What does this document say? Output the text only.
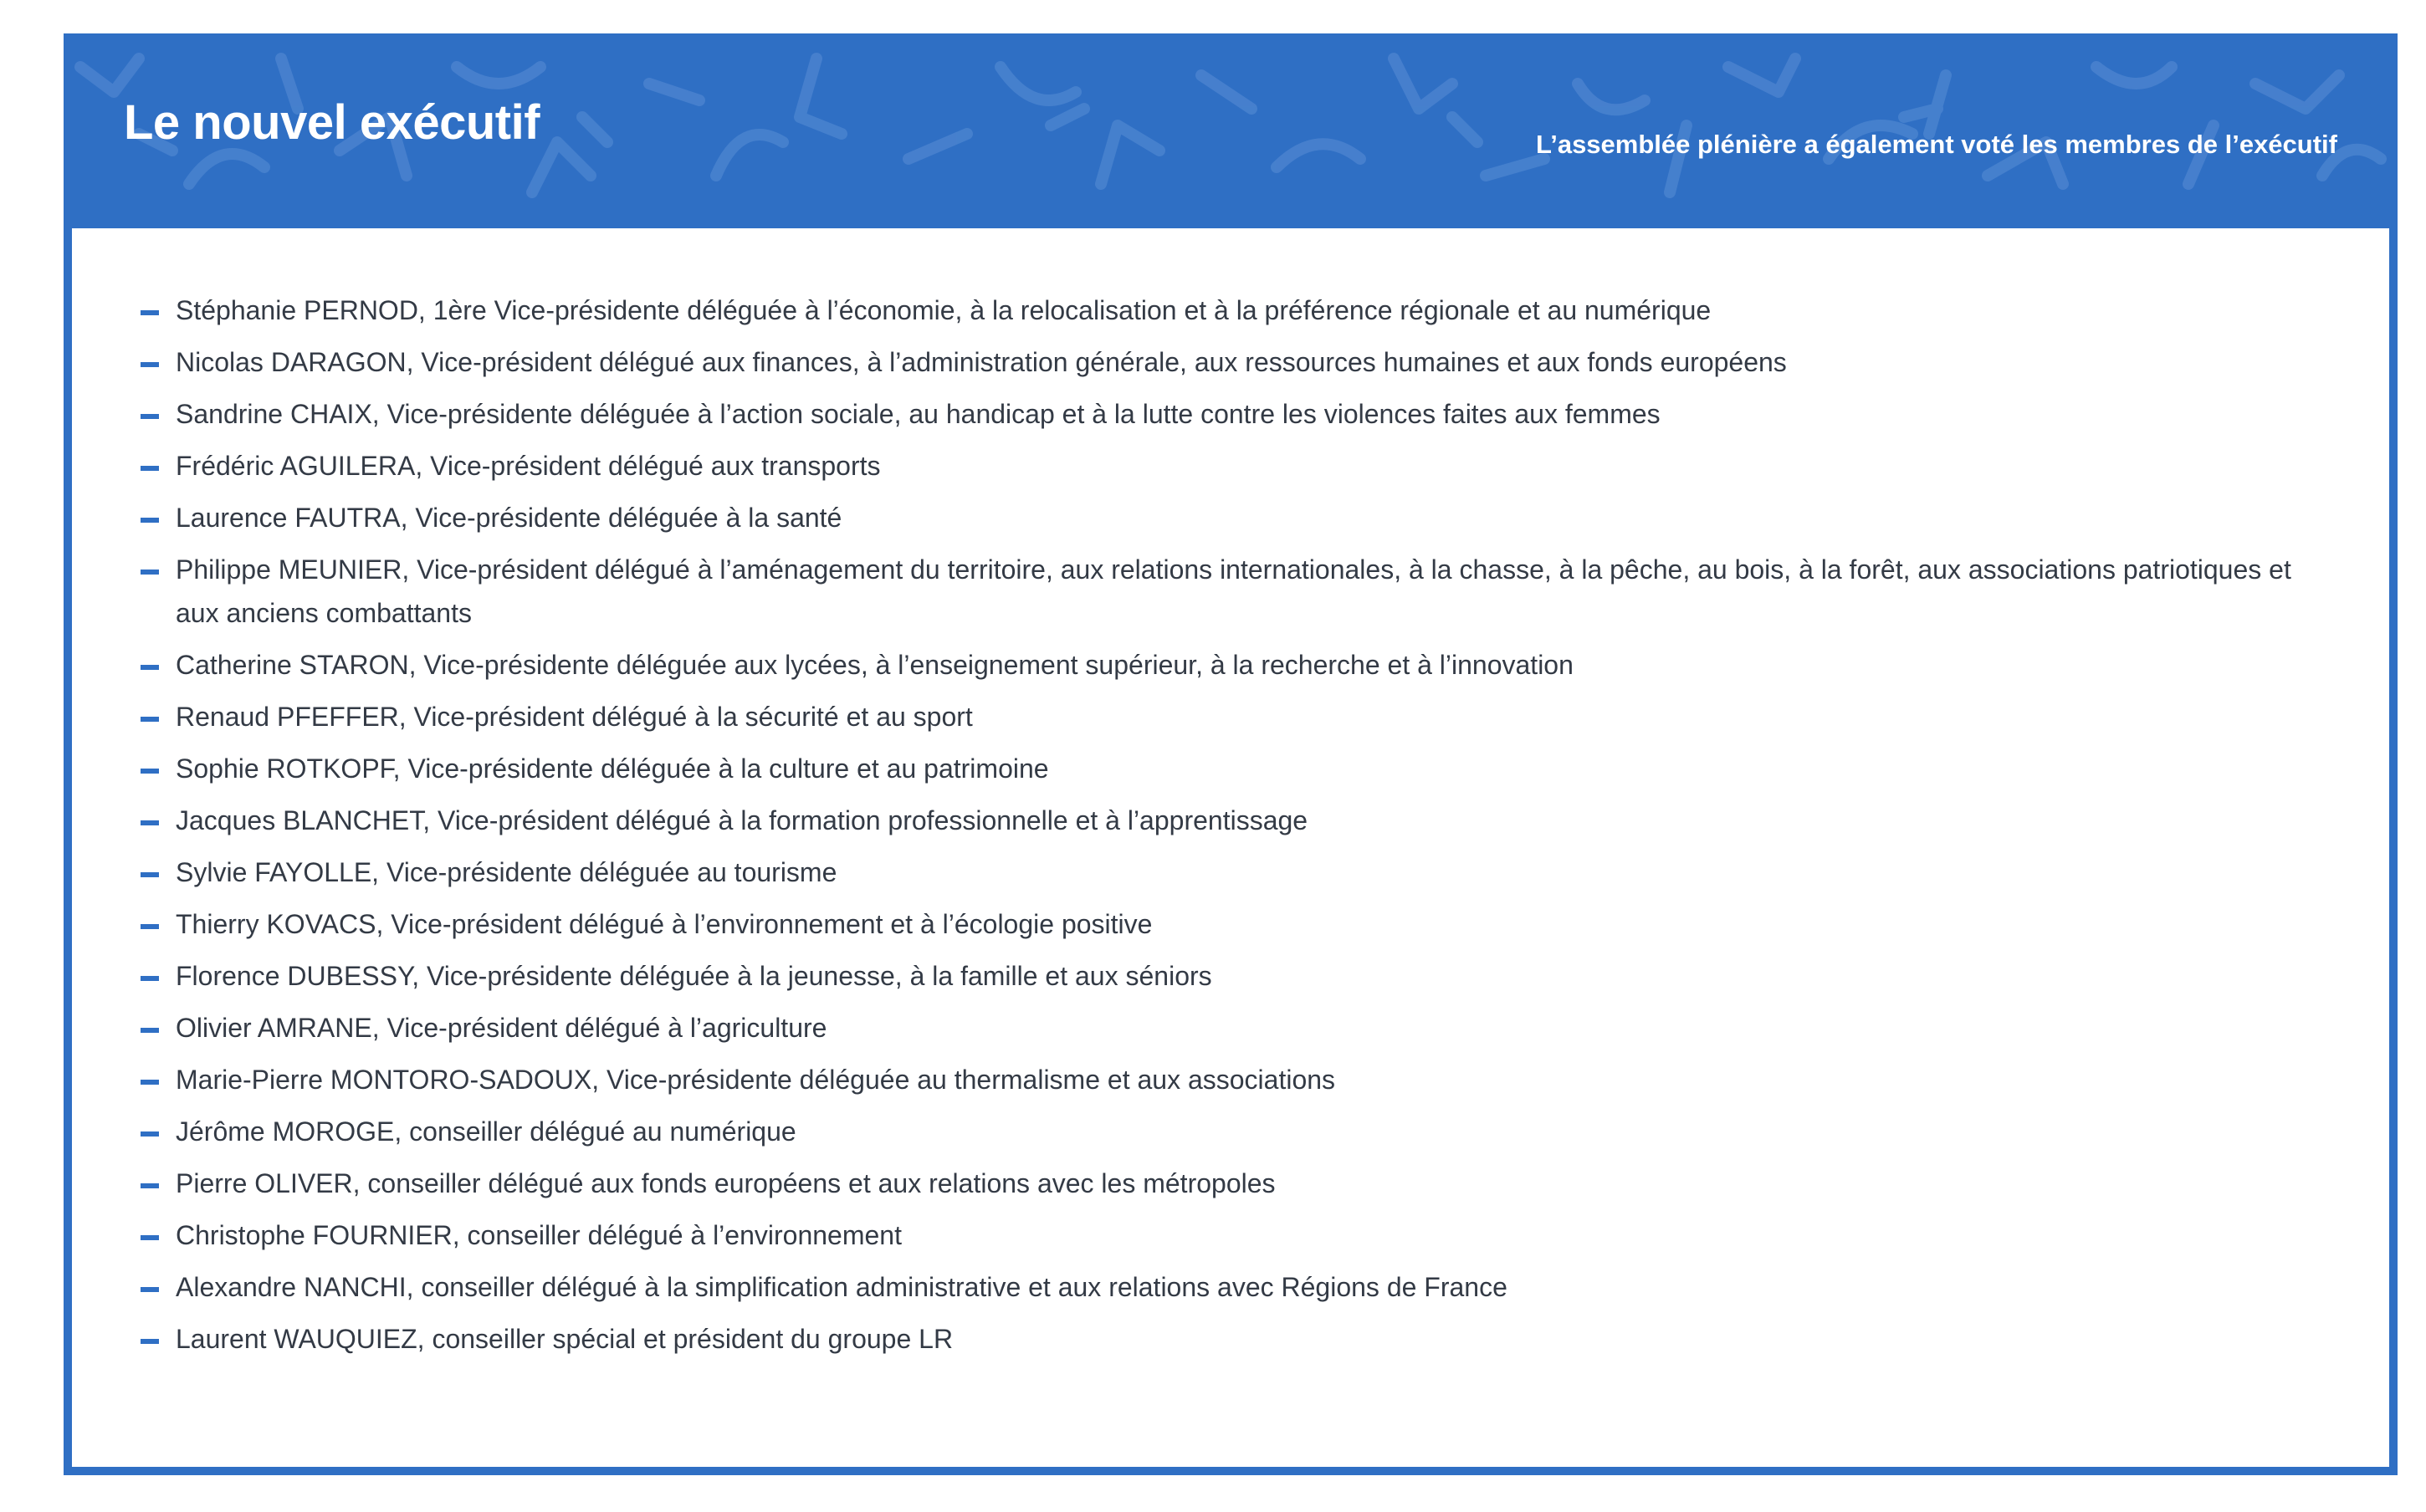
Le nouvel exécutif	L’assemblée plénière a également voté les membres de l’exécutif

Stéphanie PERNOD, 1ère Vice-présidente déléguée à l’économie, à la relocalisation et à la préférence régionale et au numérique
Nicolas DARAGON, Vice-président délégué aux finances, à l’administration générale, aux ressources humaines et aux fonds européens
Sandrine CHAIX, Vice-présidente déléguée à l’action sociale, au handicap et à la lutte contre les violences faites aux femmes
Frédéric AGUILERA, Vice-président délégué aux transports
Laurence FAUTRA, Vice-présidente déléguée à la santé
Philippe MEUNIER, Vice-président délégué à l’aménagement du territoire, aux relations internationales, à la chasse, à la pêche, au bois, à la forêt, aux associations patriotiques et aux anciens combattants
Catherine STARON, Vice-présidente déléguée aux lycées, à l’enseignement supérieur, à la recherche et à l’innovation
Renaud PFEFFER, Vice-président délégué à la sécurité et au sport
Sophie ROTKOPF, Vice-présidente déléguée à la culture et au patrimoine
Jacques BLANCHET, Vice-président délégué à la formation professionnelle et à l’apprentissage
Sylvie FAYOLLE, Vice-présidente déléguée au tourisme
Thierry KOVACS, Vice-président délégué à l’environnement et à l’écologie positive
Florence DUBESSY, Vice-présidente déléguée à la jeunesse, à la famille et aux séniors
Olivier AMRANE, Vice-président délégué à l’agriculture
Marie-Pierre MONTORO-SADOUX, Vice-présidente déléguée au thermalisme et aux associations
Jérôme MOROGE, conseiller délégué au numérique
Pierre OLIVER, conseiller délégué aux fonds européens et aux relations avec les métropoles
Christophe FOURNIER, conseiller délégué à l’environnement
Alexandre NANCHI, conseiller délégué à la simplification administrative et aux relations avec Régions de France
Laurent WAUQUIEZ, conseiller spécial et président du groupe LR
